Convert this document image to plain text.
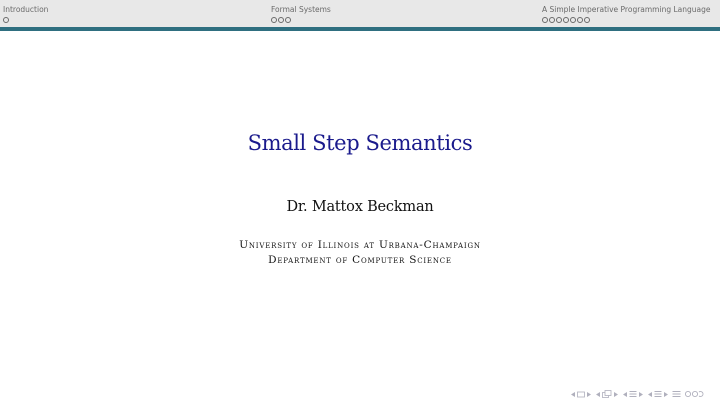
Introduction	Formal Systems	A Simple Imperative Programming Language
Small Step Semantics
Dr. Mattox Beckman
University of Illinois at Urbana-Champaign
Department of Computer Science
